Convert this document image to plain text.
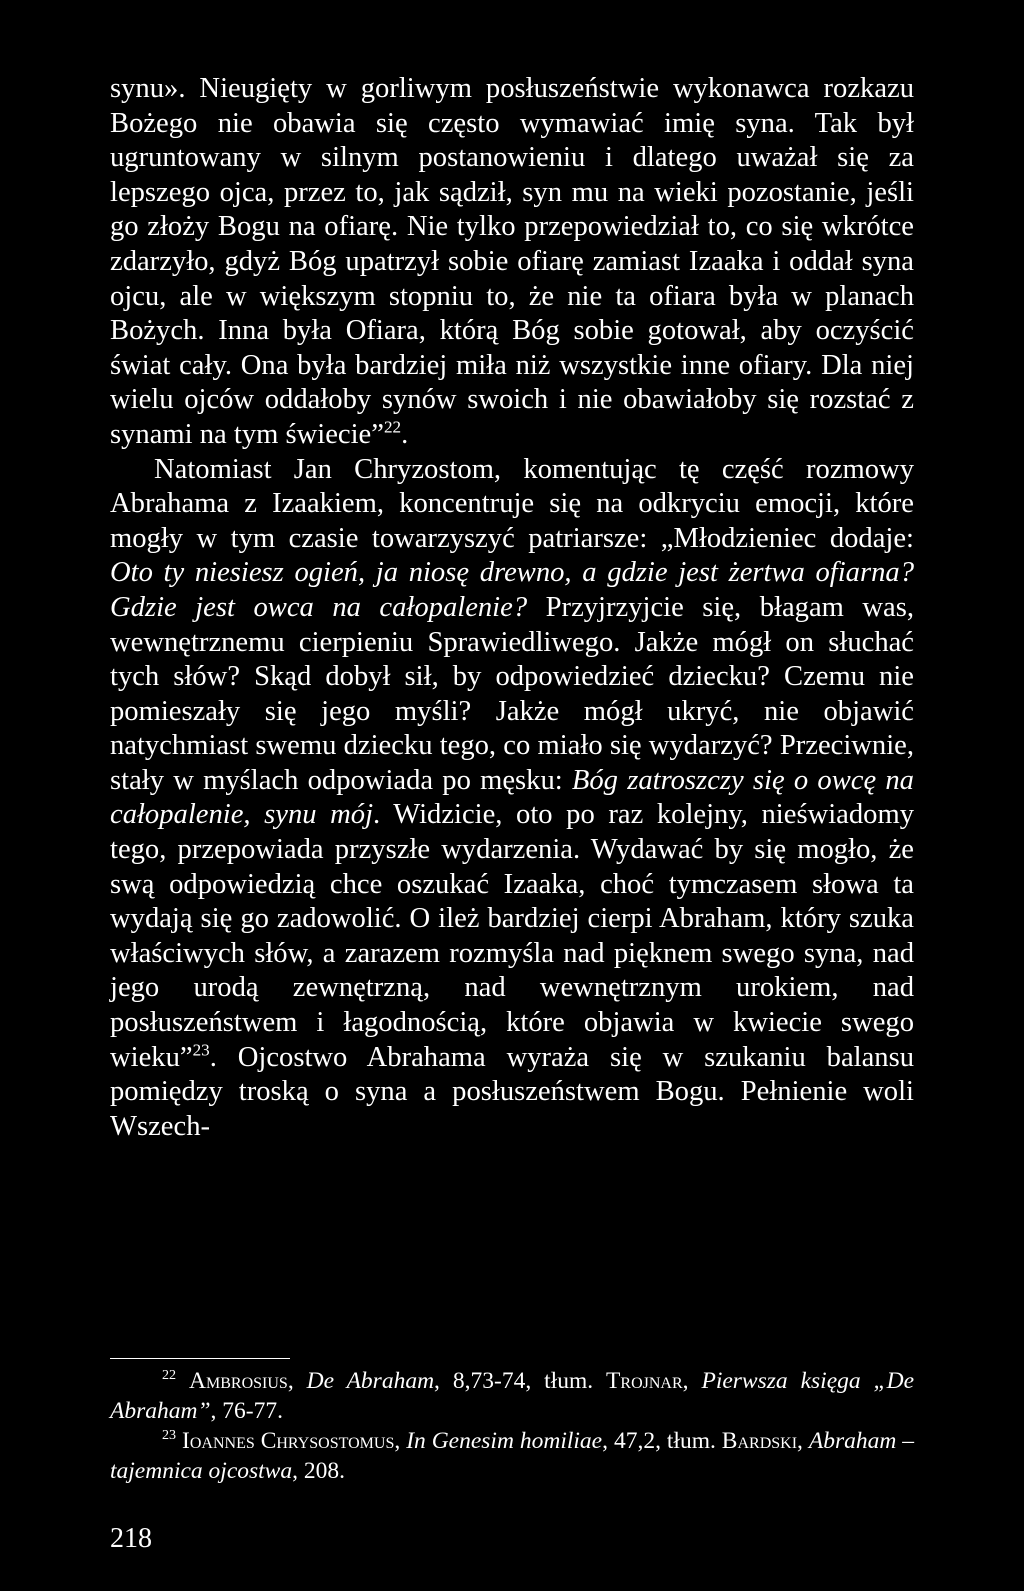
synu». Nieugięty w gorliwym posłuszeństwie wykonawca rozkazu Bożego nie obawia się często wymawiać imię syna. Tak był ugruntowany w silnym postanowieniu i dlatego uważał się za lepszego ojca, przez to, jak sądził, syn mu na wieki pozostanie, jeśli go złoży Bogu na ofiarę. Nie tylko przepowiedział to, co się wkrótce zdarzyło, gdyż Bóg upatrzył sobie ofiarę zamiast Izaaka i oddał syna ojcu, ale w większym stopniu to, że nie ta ofiara była w planach Bożych. Inna była Ofiara, którą Bóg sobie gotował, aby oczyścić świat cały. Ona była bardziej miła niż wszystkie inne ofiary. Dla niej wielu ojców oddałoby synów swoich i nie obawiałoby się rozstać z synami na tym świecie”$^{22}$.

Natomiast Jan Chryzostom, komentując tę część rozmowy Abrahama z Izaakiem, koncentruje się na odkryciu emocji, które mogły w tym czasie towarzyszyć patriarsze: „Młodzieniec dodaje: Oto ty niesiesz ogień, ja niosę drewno, a gdzie jest żertwa ofiarna? Gdzie jest owca na całopalenie? Przyjrzyjcie się, błagam was, wewnętrznemu cierpieniu Sprawiedliwego. Jakże mógł on słuchać tych słów? Skąd dobył sił, by odpowiedzieć dziecku? Czemu nie pomieszały się jego myśli? Jakże mógł ukryć, nie objawić natychmiast swemu dziecku tego, co miało się wydarzyć? Przeciwnie, stały w myślach odpowiada po męsku: Bóg zatroszczy się o owcę na całopalenie, synu mój. Widzicie, oto po raz kolejny, nieświadomy tego, przepowiada przyszłe wydarzenia. Wydawać by się mogło, że swą odpowiedzią chce oszukać Izaaka, choć tymczasem słowa ta wydają się go zadowolić. O ileż bardziej cierpi Abraham, który szuka właściwych słów, a zarazem rozmyśla nad pięknem swego syna, nad jego urodą zewnętrzną, nad wewnętrznym urokiem, nad posłuszeństwem i łagodnością, które objawia w kwiecie swego wieku”$^{23}$. Ojcostwo Abrahama wyraża się w szukaniu balansu pomiędzy troską o syna a posłuszeństwem Bogu. Pełnienie woli Wszech-

$^{22}$ Ambrosius, De Abraham, 8,73-74, tłum. Trojnar, Pierwsza księga „De Abraham”, 76-77.

$^{23}$ Ioannes Chrysostomus, In Genesim homiliae, 47,2, tłum. Bardski, Abraham – tajemnica ojcostwa, 208.

218
